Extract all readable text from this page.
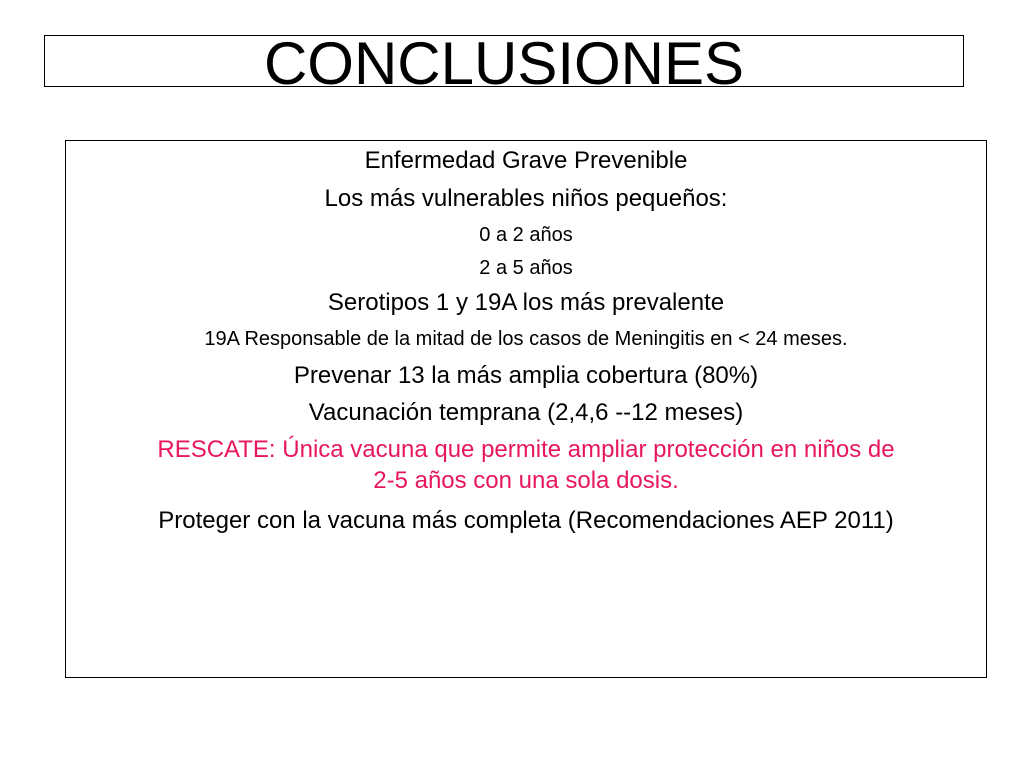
CONCLUSIONES
Enfermedad Grave Prevenible
Los más vulnerables niños pequeños:
0 a 2 años
2 a 5 años
Serotipos 1 y 19A los más prevalente
19A Responsable de la mitad de los casos de Meningitis en < 24 meses.
Prevenar 13 la más amplia cobertura (80%)
Vacunación temprana (2,4,6 --12 meses)
RESCATE: Única vacuna que permite ampliar protección en niños de
2-5 años con una sola dosis.
Proteger con la vacuna más completa (Recomendaciones AEP 2011)
